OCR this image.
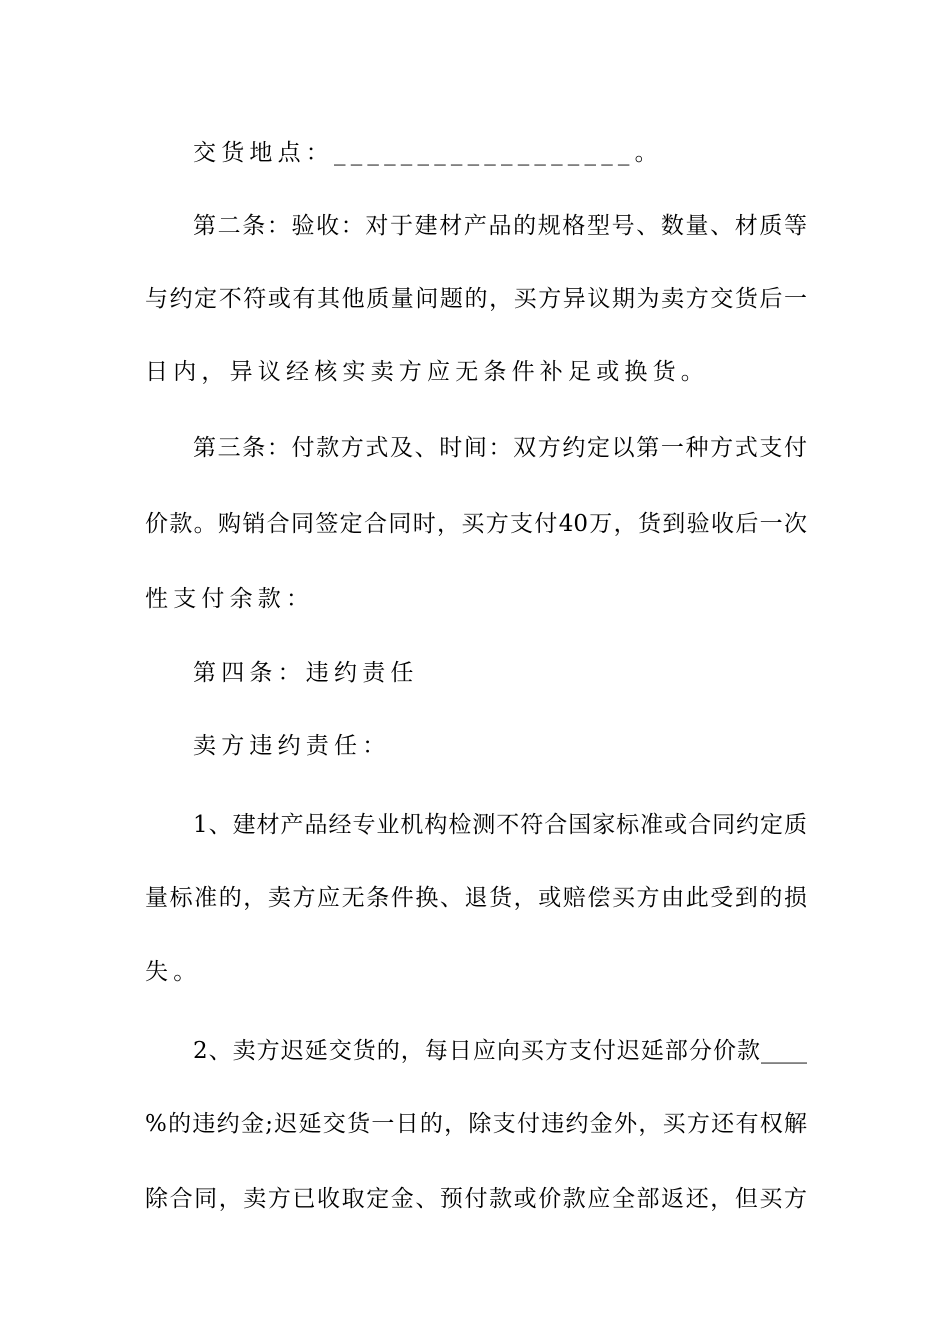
交货地点：__________________。
第二条：验收：对于建材产品的规格型号、数量、材质等
与约定不符或有其他质量问题的，买方异议期为卖方交货后一
日内，异议经核实卖方应无条件补足或换货。
第三条：付款方式及、时间：双方约定以第一种方式支付
价款。购销合同签定合同时，买方支付40万，货到验收后一次
性支付余款：
第四条：违约责任
卖方违约责任：
1、建材产品经专业机构检测不符合国家标准或合同约定质
量标准的，卖方应无条件换、退货，或赔偿买方由此受到的损
失。
2、卖方迟延交货的，每日应向买方支付迟延部分价款____
%的违约金;迟延交货一日的，除支付违约金外，买方还有权解
除合同，卖方已收取定金、预付款或价款应全部返还，但买方
